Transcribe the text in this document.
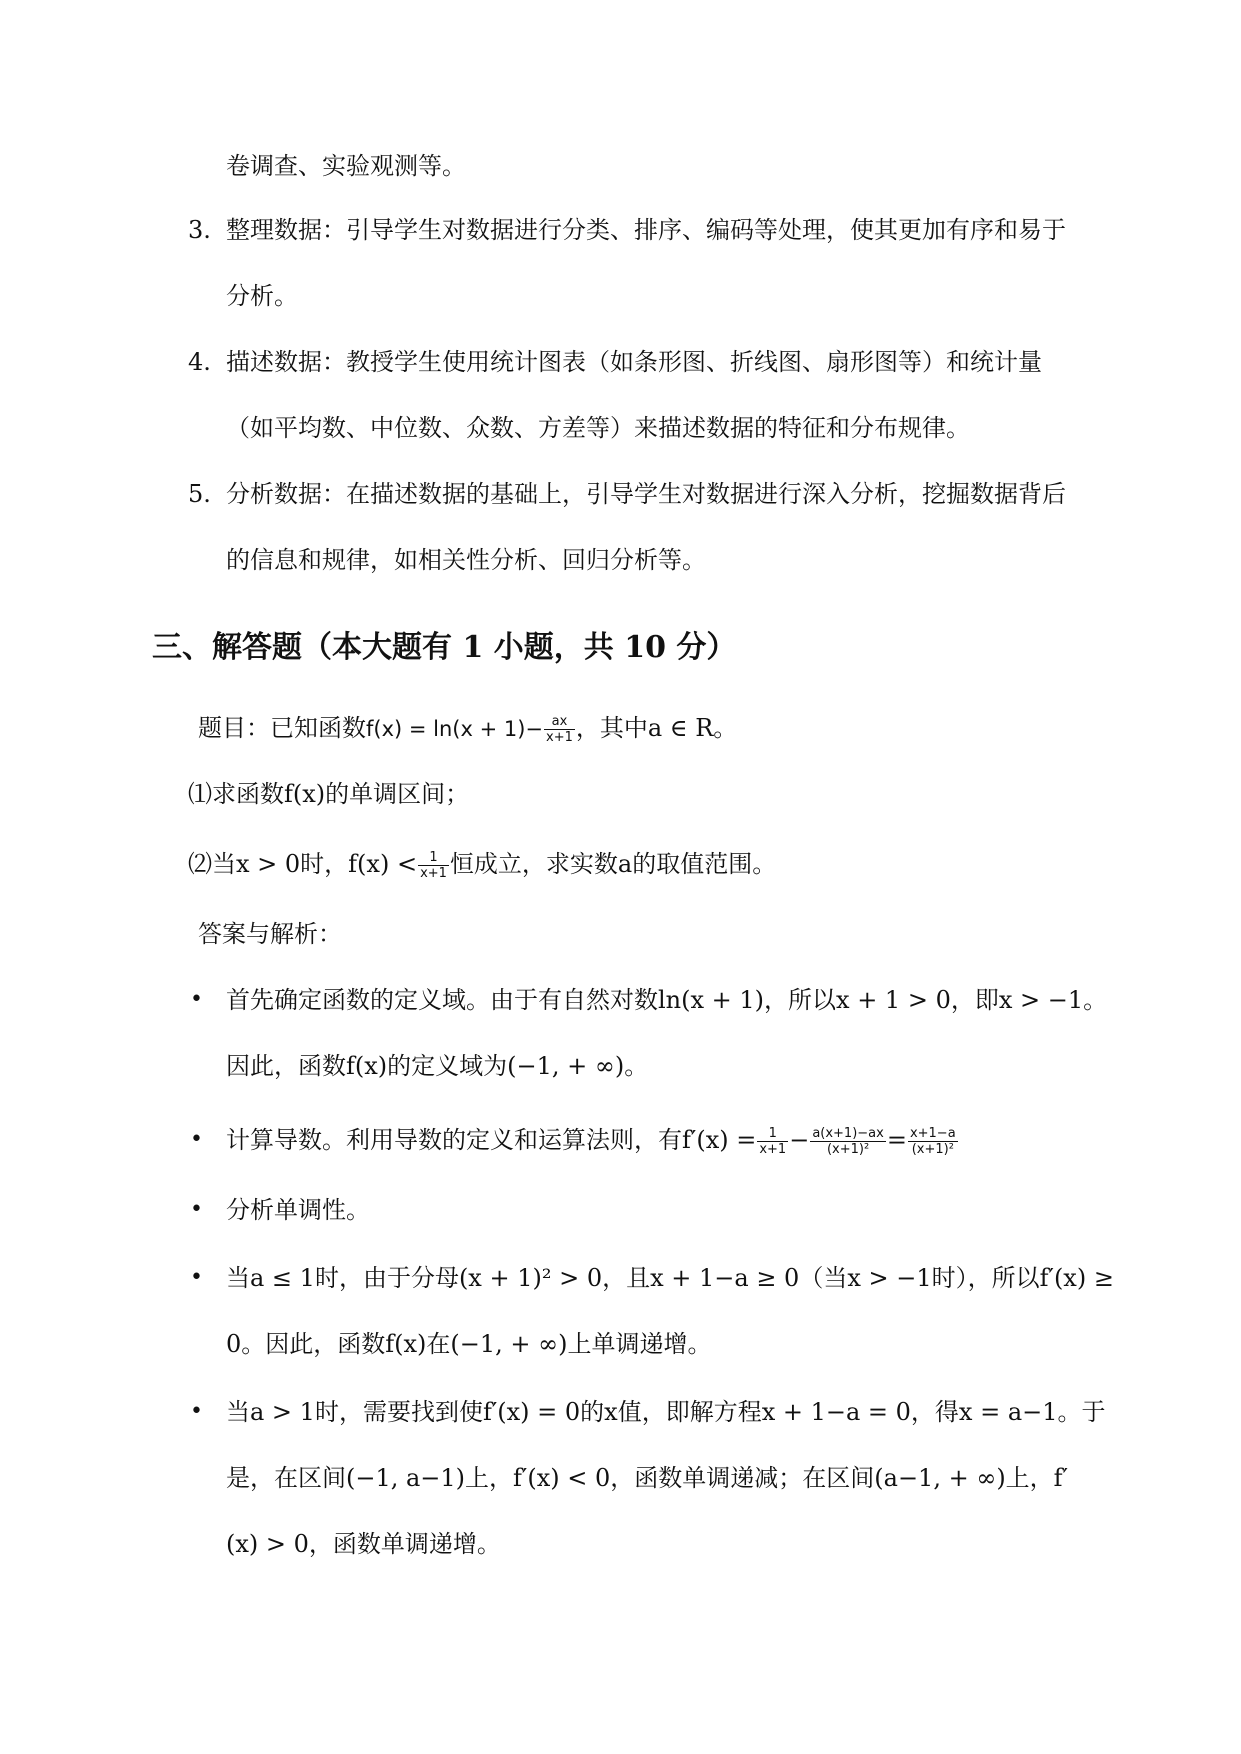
卷调查、实验观测等。
3. 整理数据：引导学生对数据进行分类、排序、编码等处理，使其更加有序和易于
分析。
4. 描述数据：教授学生使用统计图表（如条形图、折线图、扇形图等）和统计量
（如平均数、中位数、众数、方差等）来描述数据的特征和分布规律。
5. 分析数据：在描述数据的基础上，引导学生对数据进行深入分析，挖掘数据背后
的信息和规律，如相关性分析、回归分析等。
三、解答题（本大题有 1 小题，共 10 分）
题目：已知函数$f(x) = \ln(x + 1)- \frac{ax}{x+1}$ ，其中a ∈ R。
⑴求函数f(x)的单调区间；
⑵当x > 0时，$f(x) < \frac{1}{x+1}$ 恒成立，求实数a的取值范围。
答案与解析：
• 首先确定函数的定义域。由于有自然对数ln(x + 1)，所以x + 1 > 0，即x > −1。
因此，函数f(x)的定义域为(−1, + ∞)。
• 计算导数。利用导数的定义和运算法则，有$f'(x) = \frac{1}{x+1} - \frac{a(x+1)-ax}{\text{(x+1)²}} = \frac{x+1-a}{\text{(x+1)²}}$
• 分析单调性。
• 当a ≤ 1时，由于分母(x + 1)² > 0，且x + 1−a ≥ 0（当x > −1时），所以f′(x) ≥
0。因此，函数f(x)在(−1, + ∞)上单调递增。
• 当a > 1时，需要找到使f′(x) = 0的x值，即解方程x + 1−a = 0，得x = a−1。于
是，在区间(−1, a−1)上，f′(x) < 0，函数单调递减；在区间(a−1, + ∞)上，f′
(x) > 0，函数单调递增。
